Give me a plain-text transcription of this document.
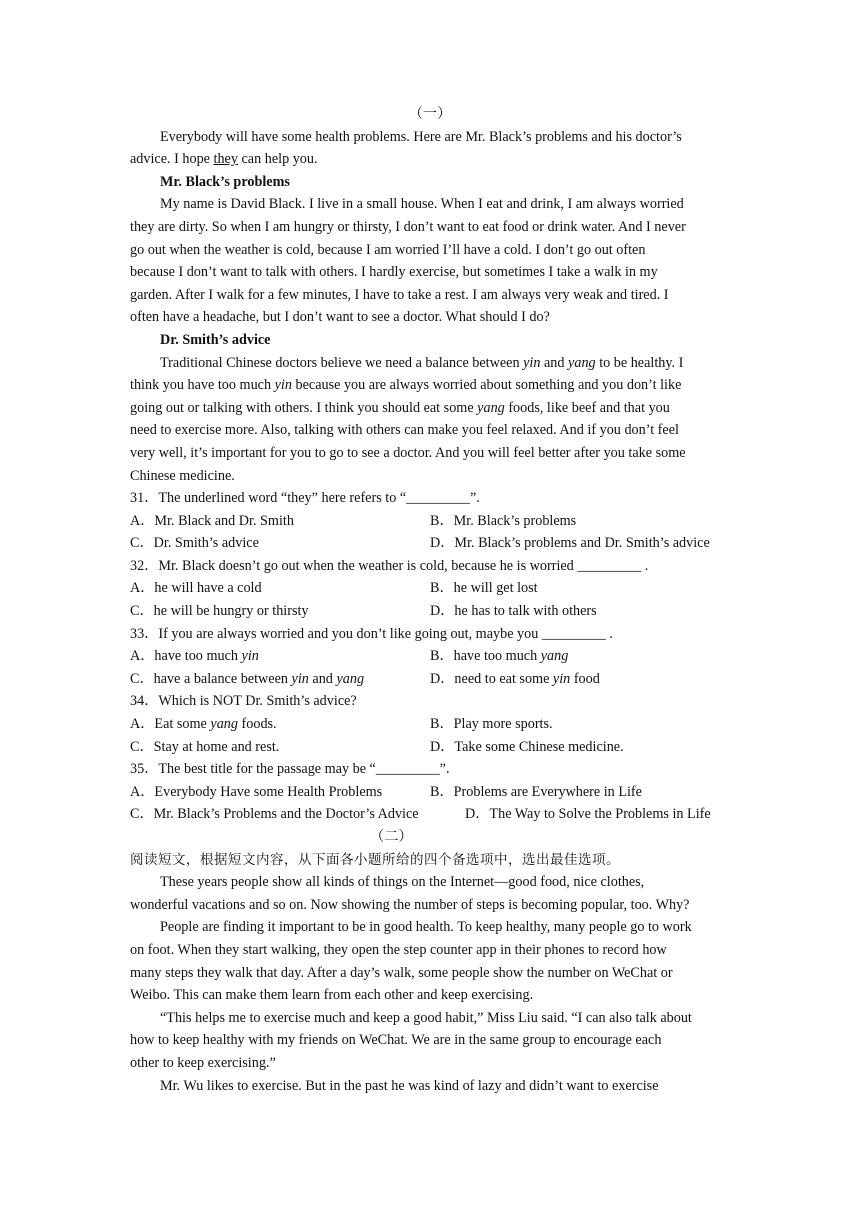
（一）
Everybody will have some health problems. Here are Mr. Black’s problems and his doctor’s
advice. I hope they can help you.
Mr. Black’s problems
My name is David Black. I live in a small house. When I eat and drink, I am always worried
they are dirty. So when I am hungry or thirsty, I don’t want to eat food or drink water. And I never
go out when the weather is cold, because I am worried I’ll have a cold. I don’t go out often
because I don’t want to talk with others. I hardly exercise, but sometimes I take a walk in my
garden. After I walk for a few minutes, I have to take a rest. I am always very weak and tired. I
often have a headache, but I don’t want to see a doctor. What should I do?
Dr. Smith’s advice
Traditional Chinese doctors believe we need a balance between yin and yang to be healthy. I
think you have too much yin because you are always worried about something and you don’t like
going out or talking with others. I think you should eat some yang foods, like beef and that you
need to exercise more. Also, talking with others can make you feel relaxed. And if you don’t feel
very well, it’s important for you to go to see a doctor. And you will feel better after you take some
Chinese medicine.
31．The underlined word “they” here refers to “_________”.
A．Mr. Black and Dr. Smith	B．Mr. Black’s problems
C．Dr. Smith’s advice	D．Mr. Black’s problems and Dr. Smith’s advice
32．Mr. Black doesn’t go out when the weather is cold, because he is worried _________ .
A．he will have a cold	B．he will get lost
C．he will be hungry or thirsty	D．he has to talk with others
33．If you are always worried and you don’t like going out, maybe you _________ .
A．have too much yin	B．have too much yang
C．have a balance between yin and yang	D．need to eat some yin food
34．Which is NOT Dr. Smith’s advice?
A．Eat some yang foods.	B．Play more sports.
C．Stay at home and rest.	D．Take some Chinese medicine.
35．The best title for the passage may be “_________”.
A．Everybody Have some Health Problems	B．Problems are Everywhere in Life
C．Mr. Black’s Problems and the Doctor’s Advice	D．The Way to Solve the Problems in Life
（二）
阅读短文，根据短文内容，从下面各小题所给的四个备选项中，选出最佳选项。
These years people show all kinds of things on the Internet—good food, nice clothes,
wonderful vacations and so on. Now showing the number of steps is becoming popular, too. Why?
People are finding it important to be in good health. To keep healthy, many people go to work
on foot. When they start walking, they open the step counter app in their phones to record how
many steps they walk that day. After a day’s walk, some people show the number on WeChat or
Weibo. This can make them learn from each other and keep exercising.
“This helps me to exercise much and keep a good habit,” Miss Liu said. “I can also talk about
how to keep healthy with my friends on WeChat. We are in the same group to encourage each
other to keep exercising.”
Mr. Wu likes to exercise. But in the past he was kind of lazy and didn’t want to exercise
